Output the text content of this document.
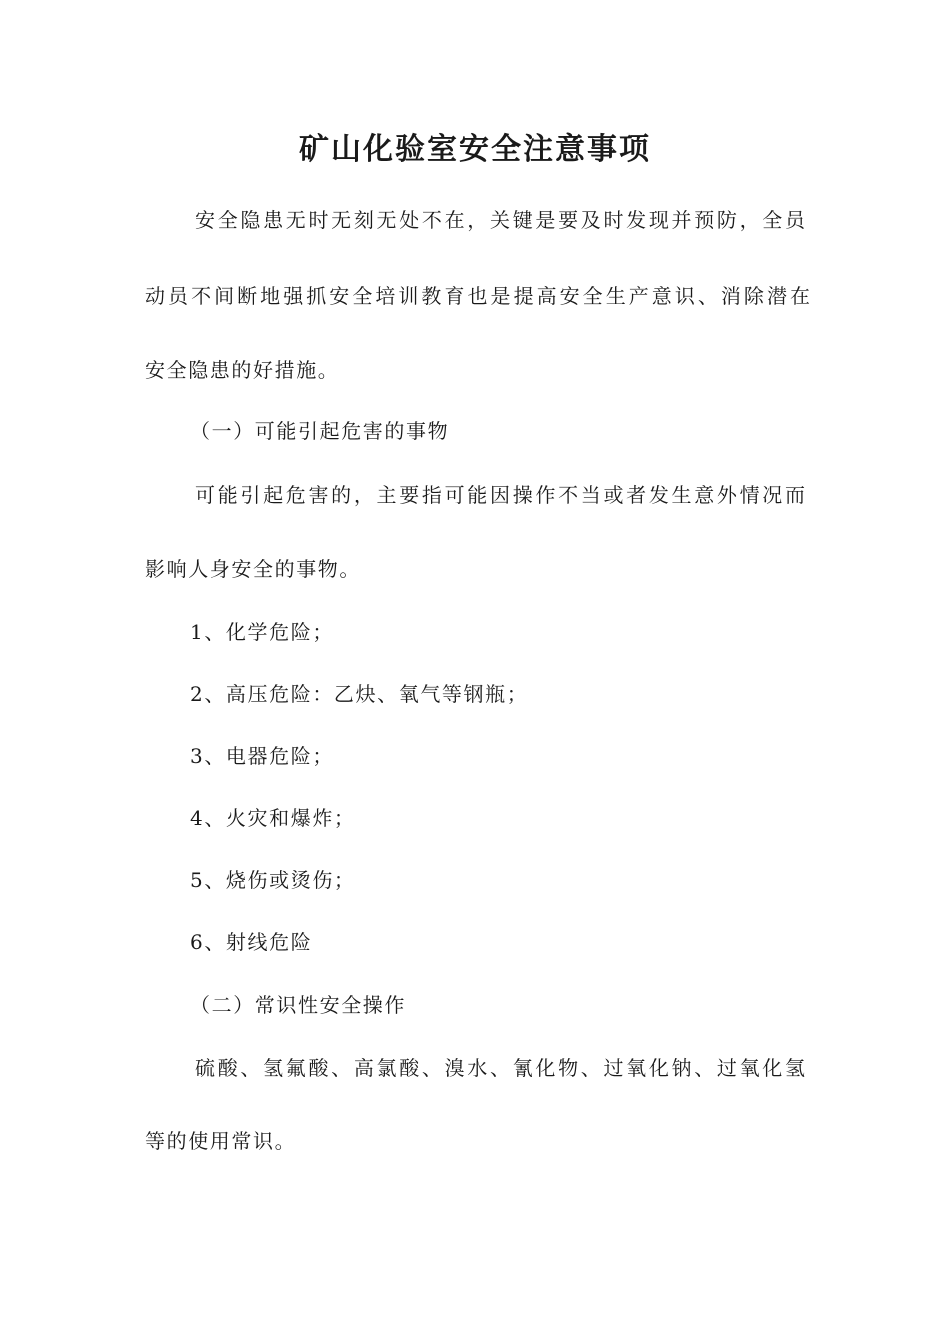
矿山化验室安全注意事项
安全隐患无时无刻无处不在，关键是要及时发现并预防，全员
动员不间断地强抓安全培训教育也是提高安全生产意识、消除潜在
安全隐患的好措施。
（一）可能引起危害的事物
可能引起危害的，主要指可能因操作不当或者发生意外情况而
影响人身安全的事物。
1、化学危险；
2、高压危险：乙炔、氧气等钢瓶；
3、电器危险；
4、火灾和爆炸；
5、烧伤或烫伤；
6、射线危险
（二）常识性安全操作
硫酸、氢氟酸、高氯酸、溴水、氰化物、过氧化钠、过氧化氢
等的使用常识。
